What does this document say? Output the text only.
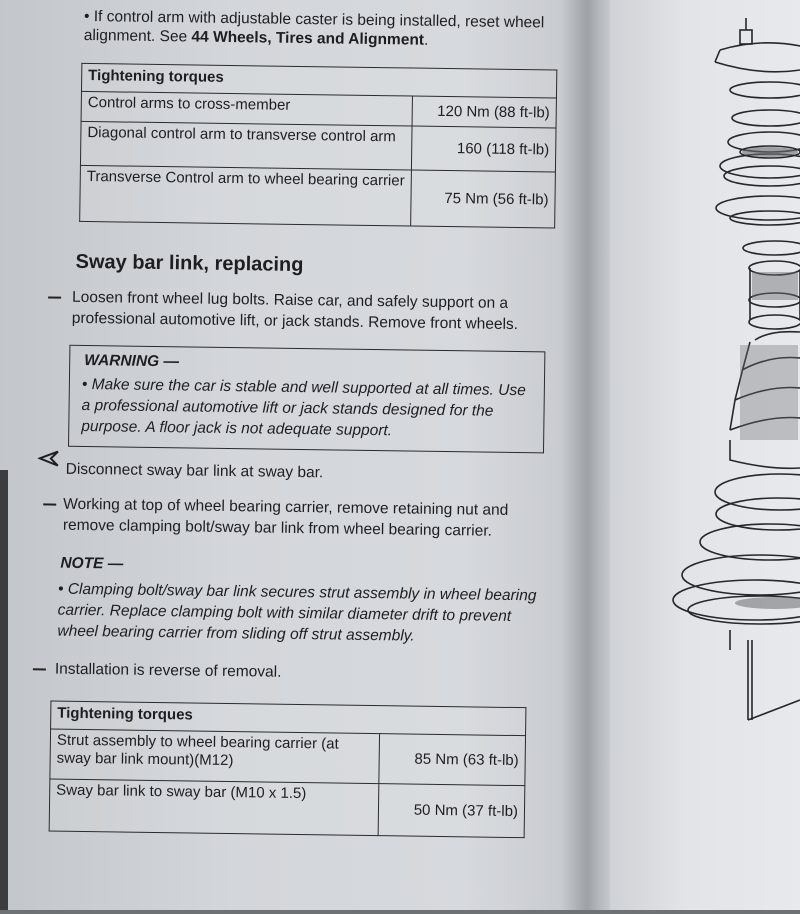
• If control arm with adjustable caster is being installed, reset wheel alignment. See 44 Wheels, Tires and Alignment.
Tightening torques	
Control arms to cross-member	120 Nm (88 ft-lb)
Diagonal control arm to transverse control arm	160 (118 ft-lb)
Transverse Control arm to wheel bearing carrier	75 Nm (56 ft-lb)
Sway bar link, replacing
Loosen front wheel lug bolts. Raise car, and safely support on a professional automotive lift, or jack stands. Remove front wheels.
WARNING —
• Make sure the car is stable and well supported at all times. Use a professional automotive lift or jack stands designed for the purpose. A floor jack is not adequate support.
Disconnect sway bar link at sway bar.
Working at top of wheel bearing carrier, remove retaining nut and remove clamping bolt/sway bar link from wheel bearing carrier.
NOTE —
• Clamping bolt/sway bar link secures strut assembly in wheel bearing carrier. Replace clamping bolt with similar diameter drift to prevent wheel bearing carrier from sliding off strut assembly.
Installation is reverse of removal.
Tightening torques	
Strut assembly to wheel bearing carrier (at sway bar link mount)(M12)	85 Nm (63 ft-lb)
Sway bar link to sway bar (M10 x 1.5)	50 Nm (37 ft-lb)
